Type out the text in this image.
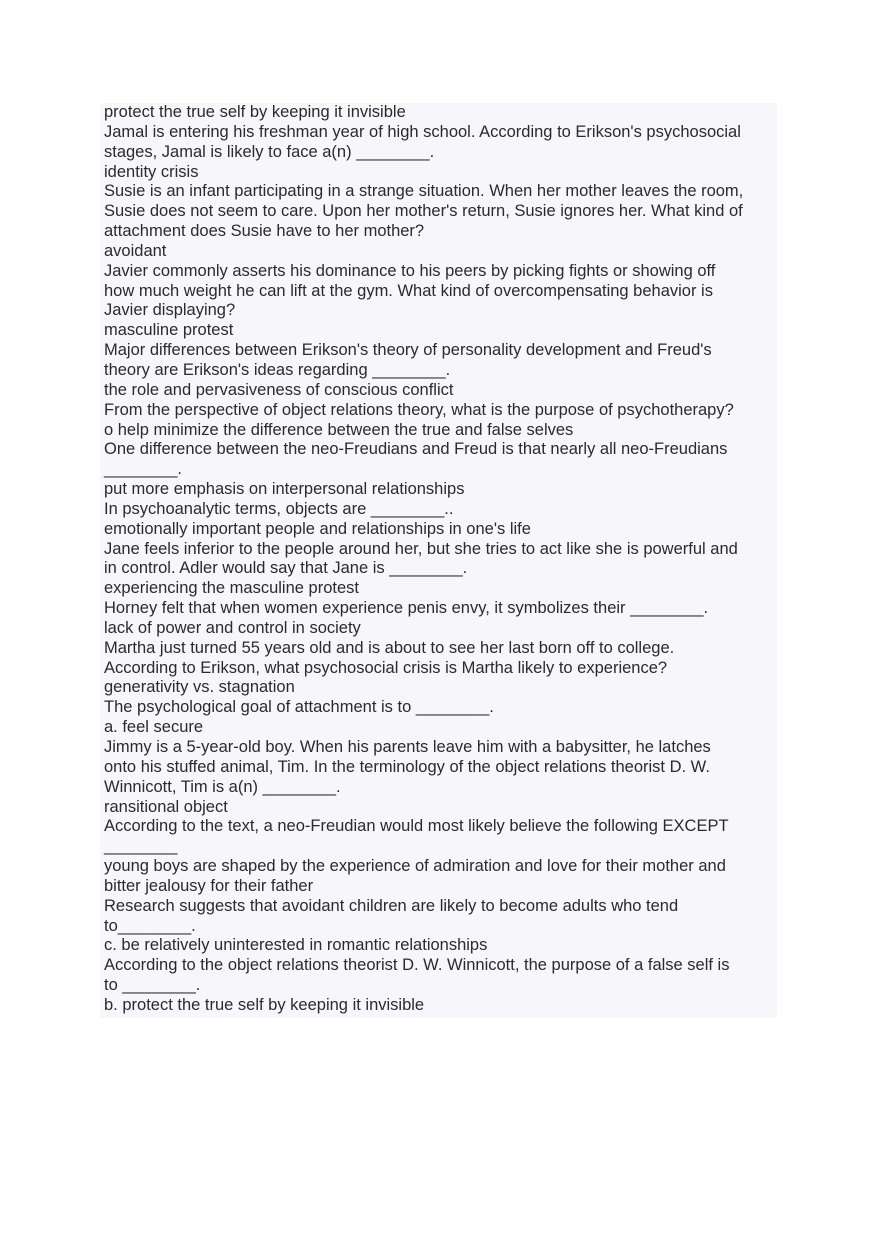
protect the true self by keeping it invisible
Jamal is entering his freshman year of high school. According to Erikson's psychosocial
stages, Jamal is likely to face a(n) ________.
identity crisis
Susie is an infant participating in a strange situation. When her mother leaves the room,
Susie does not seem to care. Upon her mother's return, Susie ignores her. What kind of
attachment does Susie have to her mother?
avoidant
Javier commonly asserts his dominance to his peers by picking fights or showing off
how much weight he can lift at the gym. What kind of overcompensating behavior is
Javier displaying?
masculine protest
Major differences between Erikson's theory of personality development and Freud's
theory are Erikson's ideas regarding ________.
the role and pervasiveness of conscious conflict
From the perspective of object relations theory, what is the purpose of psychotherapy?
o help minimize the difference between the true and false selves
One difference between the neo-Freudians and Freud is that nearly all neo-Freudians
________.
put more emphasis on interpersonal relationships
In psychoanalytic terms, objects are ________..
emotionally important people and relationships in one's life
Jane feels inferior to the people around her, but she tries to act like she is powerful and
in control. Adler would say that Jane is ________.
experiencing the masculine protest
Horney felt that when women experience penis envy, it symbolizes their ________.
lack of power and control in society
Martha just turned 55 years old and is about to see her last born off to college.
According to Erikson, what psychosocial crisis is Martha likely to experience?
generativity vs. stagnation
The psychological goal of attachment is to ________.
a. feel secure
Jimmy is a 5-year-old boy. When his parents leave him with a babysitter, he latches
onto his stuffed animal, Tim. In the terminology of the object relations theorist D. W.
Winnicott, Tim is a(n) ________.
ransitional object
According to the text, a neo-Freudian would most likely believe the following EXCEPT
________
young boys are shaped by the experience of admiration and love for their mother and
bitter jealousy for their father
Research suggests that avoidant children are likely to become adults who tend
to________.
c. be relatively uninterested in romantic relationships
According to the object relations theorist D. W. Winnicott, the purpose of a false self is
to ________.
b. protect the true self by keeping it invisible
